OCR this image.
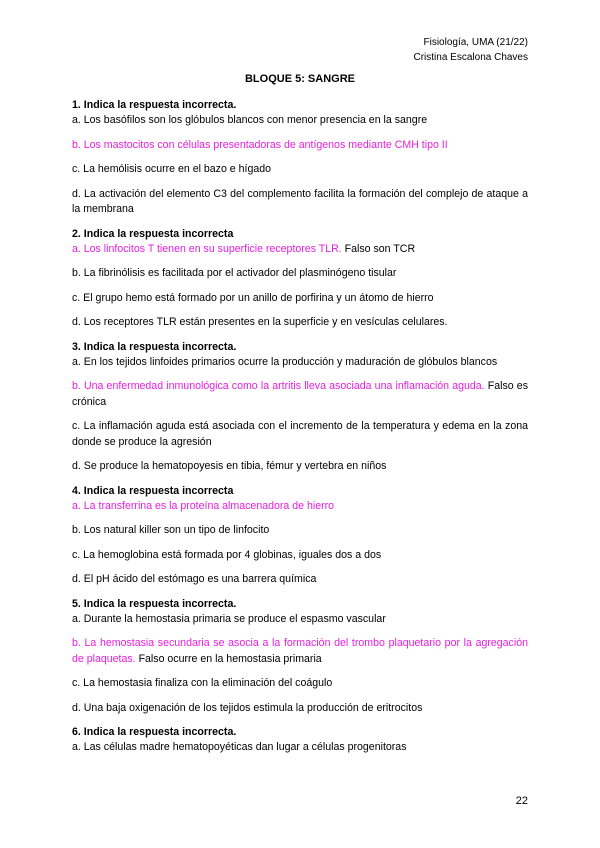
Fisiología, UMA (21/22)
Cristina Escalona Chaves
BLOQUE 5: SANGRE
1. Indica la respuesta incorrecta.
a. Los basófilos son los glóbulos blancos con menor presencia en la sangre
b. Los mastocitos con células presentadoras de antígenos mediante CMH tipo II
c. La hemólisis ocurre en el bazo e hígado
d. La activación del elemento C3 del complemento facilita la formación del complejo de ataque a la membrana
2. Indica la respuesta incorrecta
a. Los linfocitos T tienen en su superficie receptores TLR. Falso son TCR
b. La fibrinólisis es facilitada por el activador del plasminógeno tisular
c. El grupo hemo está formado por un anillo de porfirina y un átomo de hierro
d. Los receptores TLR están presentes en la superficie y en vesículas celulares.
3. Indica la respuesta incorrecta.
a. En los tejidos linfoides primarios ocurre la producción y maduración de glóbulos blancos
b. Una enfermedad inmunológica como la artritis lleva asociada una inflamación aguda. Falso es crónica
c. La inflamación aguda está asociada con el incremento de la temperatura y edema en la zona donde se produce la agresión
d. Se produce la hematopoyesis en tibia, fémur y vertebra en niños
4. Indica la respuesta incorrecta
a. La transferrina es la proteína almacenadora de hierro
b. Los natural killer son un tipo de linfocito
c. La hemoglobina está formada por 4 globinas, iguales dos a dos
d. El pH ácido del estómago es una barrera química
5. Indica la respuesta incorrecta.
a. Durante la hemostasia primaria se produce el espasmo vascular
b. La hemostasia secundaria se asocia a la formación del trombo plaquetario por la agregación de plaquetas. Falso ocurre en la hemostasia primaria
c. La hemostasia finaliza con la eliminación del coágulo
d. Una baja oxigenación de los tejidos estimula la producción de eritrocitos
6. Indica la respuesta incorrecta.
a. Las células madre hematopoyéticas dan lugar a células progenitoras
22
